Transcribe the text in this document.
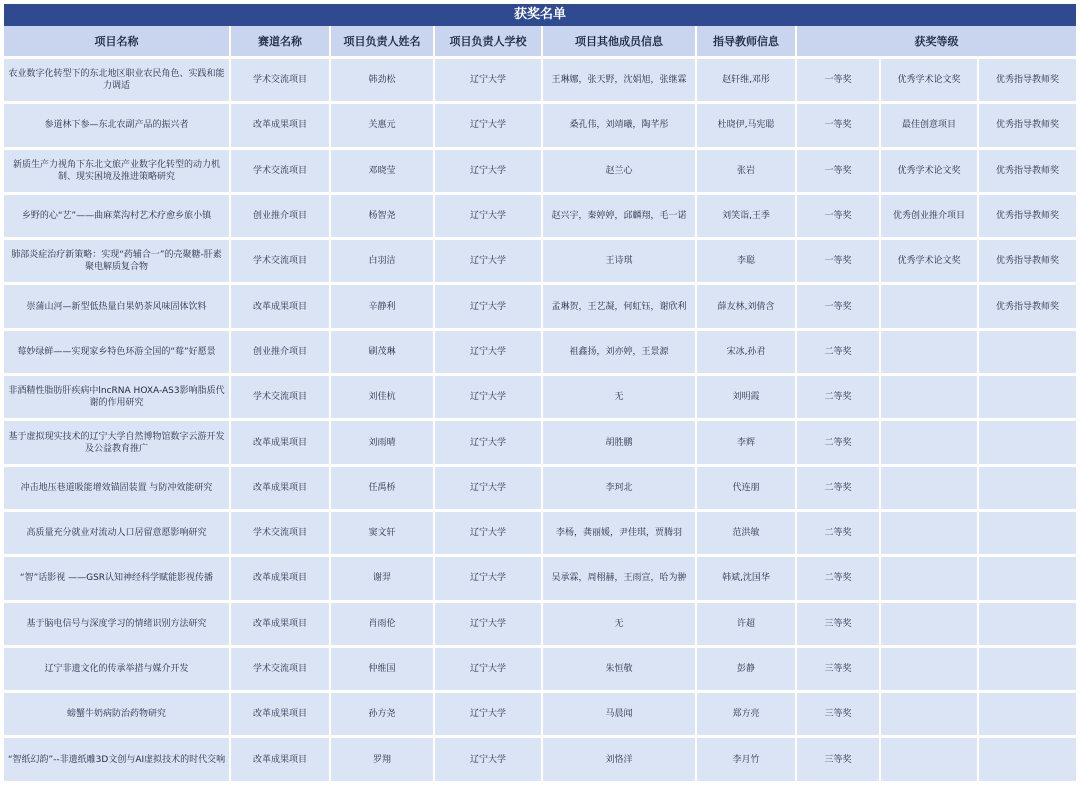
获奖名单
项目名称	赛道名称	项目负责人姓名	项目负责人学校	项目其他成员信息	指导教师信息	获奖等级		
农业数字化转型下的东北地区职业农民角色、实践和能力调适	学术交流项目	韩劲松	辽宁大学	王琳娜，张天野，沈娟旭，张继霖	赵轩维,邓彤	一等奖	优秀学术论文奖	优秀指导教师奖
参道林下参—东北农副产品的振兴者	改革成果项目	关惠元	辽宁大学	桑孔伟，刘靖曦，陶芊彤	杜晓伊,马宪聪	一等奖	最佳创意项目	优秀指导教师奖
新质生产力视角下东北文旅产业数字化转型的动力机制、现实困境及推进策略研究	学术交流项目	邓晓莹	辽宁大学	赵兰心	张岩	一等奖	优秀学术论文奖	优秀指导教师奖
乡野的心“艺”——曲麻菜沟村艺术疗愈乡旅小镇	创业推介项目	杨智尧	辽宁大学	赵兴宇，秦婷婷，邱麟翔，毛一诺	刘笑诣,王季	一等奖	优秀创业推介项目	优秀指导教师奖
肺部炎症治疗新策略：实现“药辅合一”的壳聚糖-肝素聚电解质复合物	学术交流项目	白羽洁	辽宁大学	王诗琪	李聪	一等奖	优秀学术论文奖	优秀指导教师奖
崇蒲山河—新型低热量白果奶茶风味固体饮料	改革成果项目	辛静利	辽宁大学	孟琳贺，王艺凝，何虹钰，谢欣利	薛友林,刘倩含	一等奖		优秀指导教师奖
莓妙绿鲜——实现家乡特色环游全国的“莓”好愿景	创业推介项目	刷茂琳	辽宁大学	祖鑫扬，刘亦婷，王景源	宋冰,孙君	二等奖		
非酒精性脂肪肝疾病中lncRNA HOXA-AS3影响脂质代谢的作用研究	学术交流项目	刘佳杭	辽宁大学	无	刘明霞	二等奖		
基于虚拟现实技术的辽宁大学自然博物馆数字云游开发及公益教育推广	改革成果项目	刘雨晴	辽宁大学	胡胜鹏	李辉	二等奖		
冲击地压巷道吸能增效锚固装置 与防冲效能研究	改革成果项目	任禹桥	辽宁大学	李珂北	代连朋	二等奖		
高质量充分就业对流动人口居留意愿影响研究	学术交流项目	窦文轩	辽宁大学	李杨，龚丽媛，尹佳琪，贾腾羽	范洪敏	二等奖		
“智”话影视 ——GSR认知神经科学赋能影视传播	改革成果项目	谢羿	辽宁大学	吴承霖，周栩赫，王雨宣，哈为翀	韩斌,沈国华	二等奖		
基于脑电信号与深度学习的情绪识别方法研究	改革成果项目	肖雨伦	辽宁大学	无	许超	三等奖		
辽宁非遗文化的传承举措与媒介开发	学术交流项目	仲维国	辽宁大学	朱恒敬	彭静	三等奖		
螃蟹牛奶病防治药物研究	改革成果项目	孙方尧	辽宁大学	马晨闻	郑方亮	三等奖		
“智纸幻韵”--非遗纸雕3D文创与AI虚拟技术的时代交响	改革成果项目	罗翔	辽宁大学	刘恪洋	李月竹	三等奖		
